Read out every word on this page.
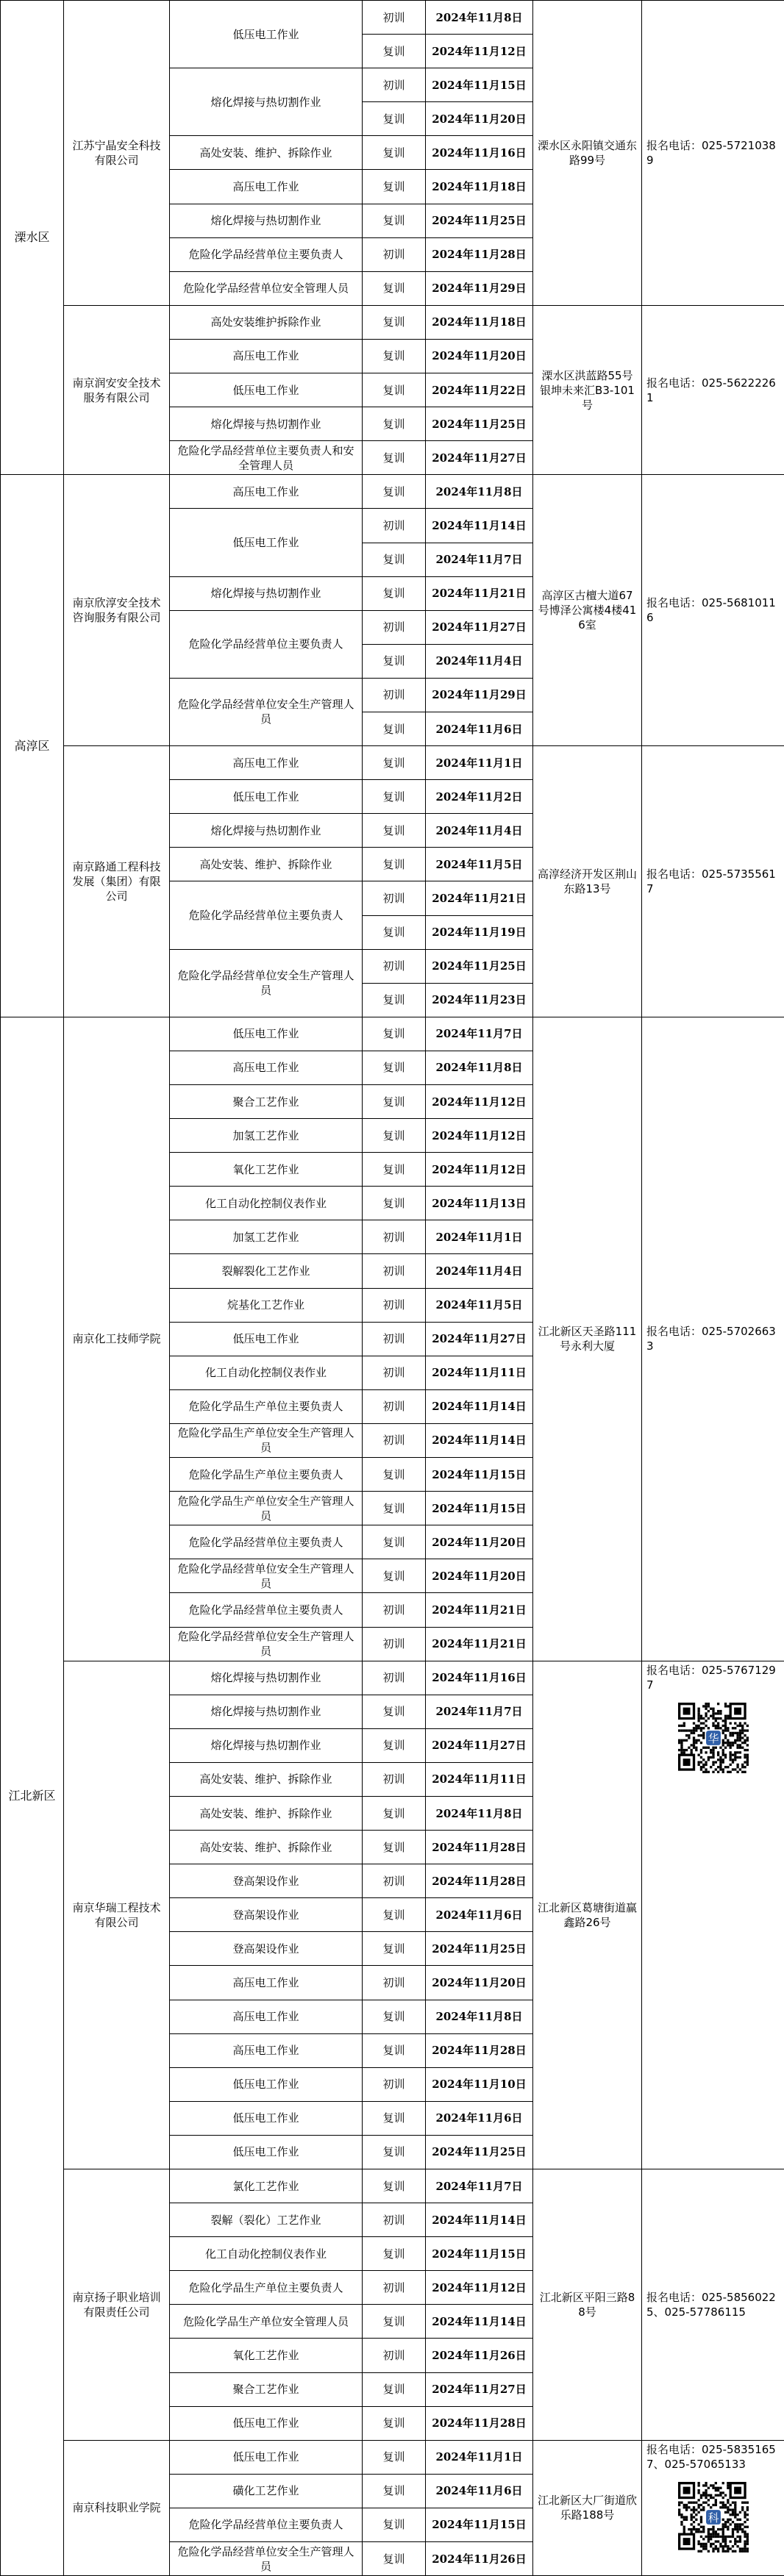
溧水区	江苏宁晶安全科技有限公司	低压电工作业	初训	2024年11月8日	溧水区永阳镇交通东路99号	报名电话：025-57210389

			复训	2024年11月12日		
		熔化焊接与热切割作业	初训	2024年11月15日		
			复训	2024年11月20日		
		高处安装、维护、拆除作业	复训	2024年11月16日		
		高压电工作业	复训	2024年11月18日		
		熔化焊接与热切割作业	复训	2024年11月25日		
		危险化学品经营单位主要负责人	初训	2024年11月28日		
		危险化学品经营单位安全管理人员	复训	2024年11月29日		
	南京润安安全技术服务有限公司	高处安装维护拆除作业	复训	2024年11月18日	溧水区洪蓝路55号银坤未来汇B3-101号	报名电话：025-56222261

		高压电工作业	复训	2024年11月20日		
		低压电工作业	复训	2024年11月22日		
		熔化焊接与热切割作业	复训	2024年11月25日		
		危险化学品经营单位主要负责人和安全管理人员	复训	2024年11月27日		
高淳区	南京欣淳安全技术咨询服务有限公司	高压电工作业	复训	2024年11月8日	高淳区古檀大道67号博泽公寓楼4楼416室	报名电话：025-56810116

		低压电工作业	初训	2024年11月14日		
			复训	2024年11月7日		
		熔化焊接与热切割作业	复训	2024年11月21日		
		危险化学品经营单位主要负责人	初训	2024年11月27日		
			复训	2024年11月4日		
		危险化学品经营单位安全生产管理人员	初训	2024年11月29日		
			复训	2024年11月6日		
	南京路通工程科技发展（集团）有限公司	高压电工作业	复训	2024年11月1日	高淳经济开发区荆山东路13号	报名电话：025-57355617

		低压电工作业	复训	2024年11月2日		
		熔化焊接与热切割作业	复训	2024年11月4日		
		高处安装、维护、拆除作业	复训	2024年11月5日		
		危险化学品经营单位主要负责人	初训	2024年11月21日		
			复训	2024年11月19日		
		危险化学品经营单位安全生产管理人员	初训	2024年11月25日		
			复训	2024年11月23日		
江北新区	南京化工技师学院	低压电工作业	复训	2024年11月7日	江北新区天圣路111号永利大厦	报名电话：025-57026633

		高压电工作业	复训	2024年11月8日		
		聚合工艺作业	复训	2024年11月12日		
		加氢工艺作业	复训	2024年11月12日		
		氧化工艺作业	复训	2024年11月12日		
		化工自动化控制仪表作业	复训	2024年11月13日		
		加氢工艺作业	初训	2024年11月1日		
		裂解裂化工艺作业	初训	2024年11月4日		
		烷基化工艺作业	初训	2024年11月5日		
		低压电工作业	初训	2024年11月27日		
		化工自动化控制仪表作业	初训	2024年11月11日		
		危险化学品生产单位主要负责人	初训	2024年11月14日		
		危险化学品生产单位安全生产管理人员	初训	2024年11月14日		
		危险化学品生产单位主要负责人	复训	2024年11月15日		
		危险化学品生产单位安全生产管理人员	复训	2024年11月15日		
		危险化学品经营单位主要负责人	复训	2024年11月20日		
		危险化学品经营单位安全生产管理人员	复训	2024年11月20日		
		危险化学品经营单位主要负责人	初训	2024年11月21日		
		危险化学品经营单位安全生产管理人员	初训	2024年11月21日		
	南京华瑞工程技术有限公司	熔化焊接与热切割作业	初训	2024年11月16日	江北新区葛塘街道赢鑫路26号	报名电话：025-57671297
华

		熔化焊接与热切割作业	复训	2024年11月7日		
		熔化焊接与热切割作业	复训	2024年11月27日		
		高处安装、维护、拆除作业	初训	2024年11月11日		
		高处安装、维护、拆除作业	复训	2024年11月8日		
		高处安装、维护、拆除作业	复训	2024年11月28日		
		登高架设作业	初训	2024年11月28日		
		登高架设作业	复训	2024年11月6日		
		登高架设作业	复训	2024年11月25日		
		高压电工作业	初训	2024年11月20日		
		高压电工作业	复训	2024年11月8日		
		高压电工作业	复训	2024年11月28日		
		低压电工作业	初训	2024年11月10日		
		低压电工作业	复训	2024年11月6日		
		低压电工作业	复训	2024年11月25日		
	南京扬子职业培训有限责任公司	氯化工艺作业	复训	2024年11月7日	江北新区平阳三路88号	报名电话：025-58560225、025-57786115

		裂解（裂化）工艺作业	初训	2024年11月14日		
		化工自动化控制仪表作业	复训	2024年11月15日		
		危险化学品生产单位主要负责人	初训	2024年11月12日		
		危险化学品生产单位安全管理人员	复训	2024年11月14日		
		氧化工艺作业	初训	2024年11月26日		
		聚合工艺作业	复训	2024年11月27日		
		低压电工作业	复训	2024年11月28日		
	南京科技职业学院	低压电工作业	复训	2024年11月1日	江北新区大厂街道欣乐路188号	报名电话：025-58351657、025-57065133
科

		磺化工艺作业	复训	2024年11月6日		
		危险化学品经营单位主要负责人	复训	2024年11月15日		
		危险化学品经营单位安全生产管理人员	复训	2024年11月26日		
